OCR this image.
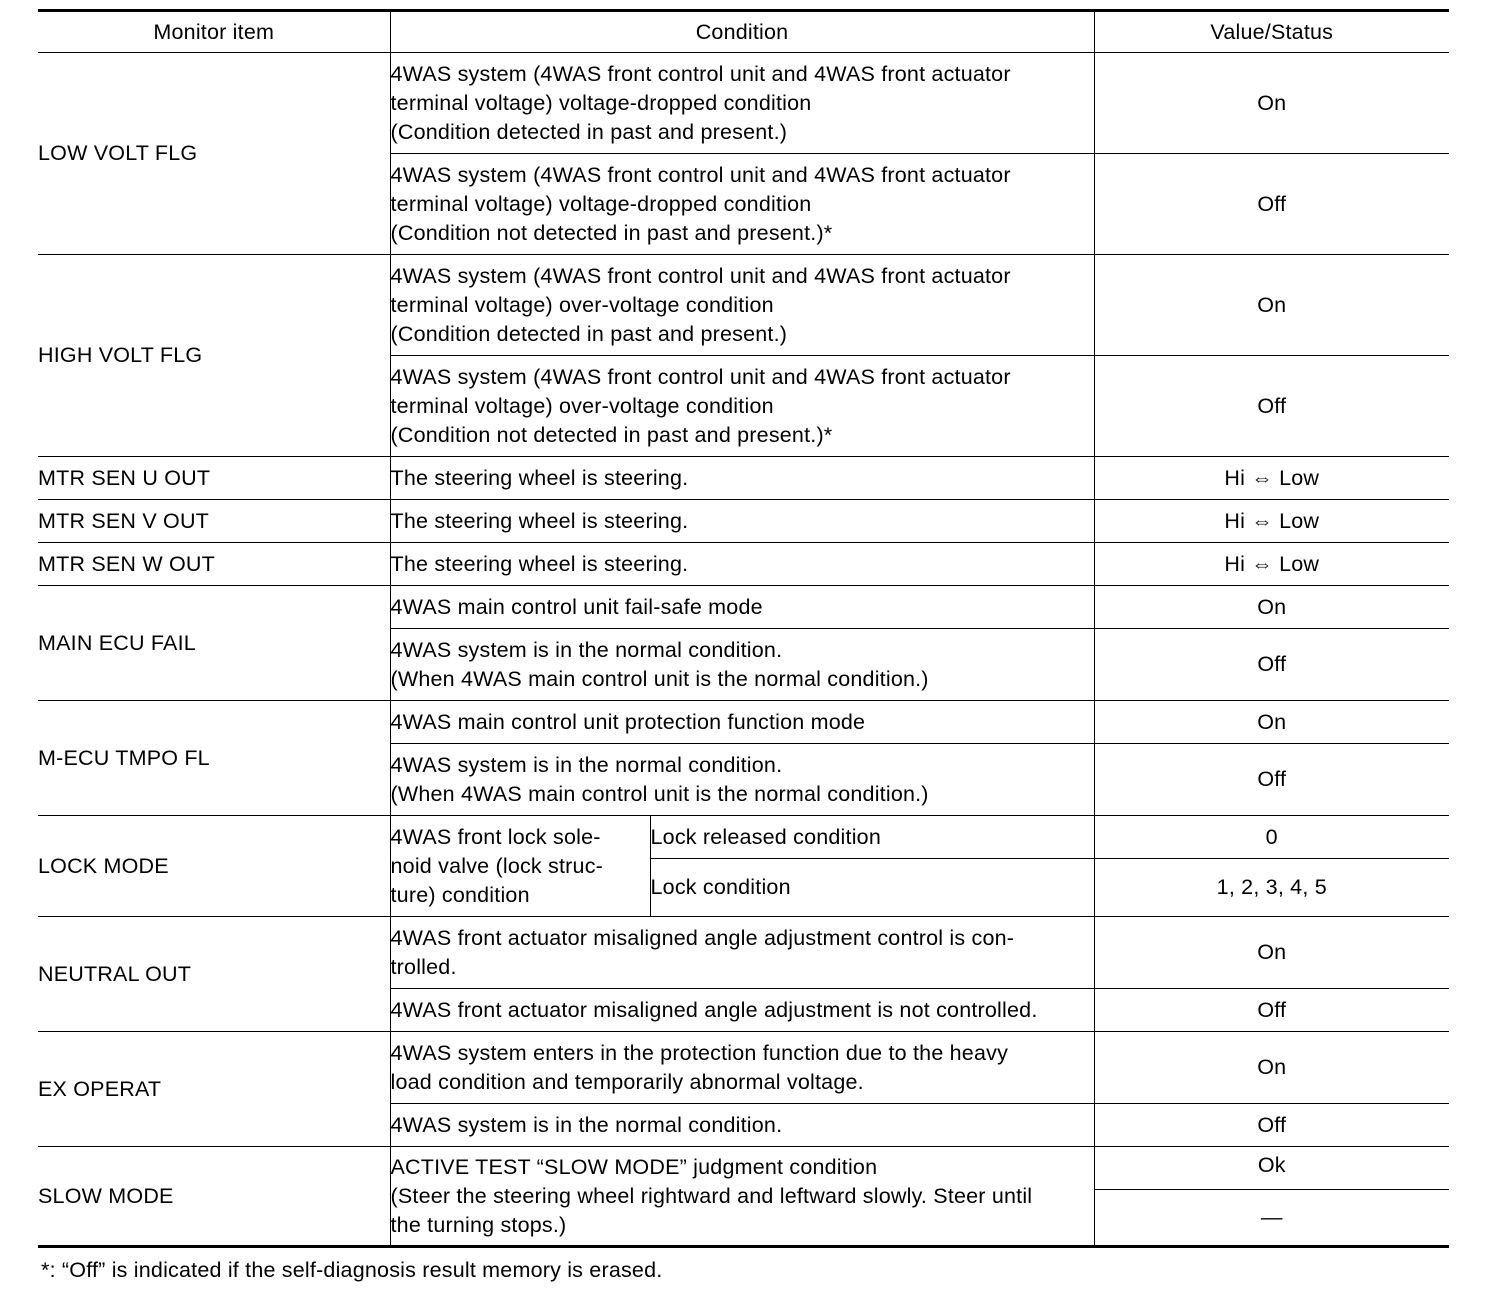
Monitor item	Condition		Value/Status
LOW VOLT FLG	4WAS system (4WAS front control unit and 4WAS front actuator
terminal voltage) voltage-dropped condition
(Condition detected in past and present.)		On

	4WAS system (4WAS front control unit and 4WAS front actuator
terminal voltage) voltage-dropped condition
(Condition not detected in past and present.)*		Off
HIGH VOLT FLG	4WAS system (4WAS front control unit and 4WAS front actuator
terminal voltage) over-voltage condition
(Condition detected in past and present.)		On

	4WAS system (4WAS front control unit and 4WAS front actuator
terminal voltage) over-voltage condition
(Condition not detected in past and present.)*		Off
MTR SEN U OUT	The steering wheel is steering.		Hi ⇔ Low
MTR SEN V OUT	The steering wheel is steering.		Hi ⇔ Low
MTR SEN W OUT	The steering wheel is steering.		Hi ⇔ Low
MAIN ECU FAIL	4WAS main control unit fail-safe mode		On

	4WAS system is in the normal condition.
(When 4WAS main control unit is the normal condition.)		Off
M-ECU TMPO FL	4WAS main control unit protection function mode		On

	4WAS system is in the normal condition.
(When 4WAS main control unit is the normal condition.)		Off
LOCK MODE	4WAS front lock sole-
noid valve (lock struc-
ture) condition	Lock released condition	0
		Lock condition	1, 2, 3, 4, 5
NEUTRAL OUT	4WAS front actuator misaligned angle adjustment control is con-
trolled.		On
	4WAS front actuator misaligned angle adjustment is not controlled.		Off
EX OPERAT	4WAS system enters in the protection function due to the heavy
load condition and temporarily abnormal voltage.		On
	4WAS system is in the normal condition.		Off
SLOW MODE	ACTIVE TEST “SLOW MODE” judgment condition
(Steer the steering wheel rightward and leftward slowly. Steer until
the turning stops.)		Ok
			—
*: “Off” is indicated if the self-diagnosis result memory is erased.
